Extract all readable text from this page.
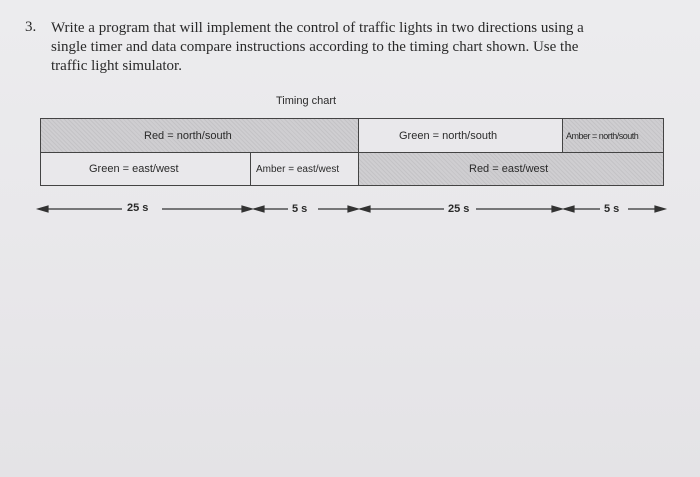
3. Write a program that will implement the control of traffic lights in two directions using a
single timer and data compare instructions according to the timing chart shown. Use the
traffic light simulator.
Timing chart
Red = north/south	Green = north/south	Amber = north/south
Green = east/west	Amber = east/west	Red = east/west
25 s	5 s	25 s	5 s
